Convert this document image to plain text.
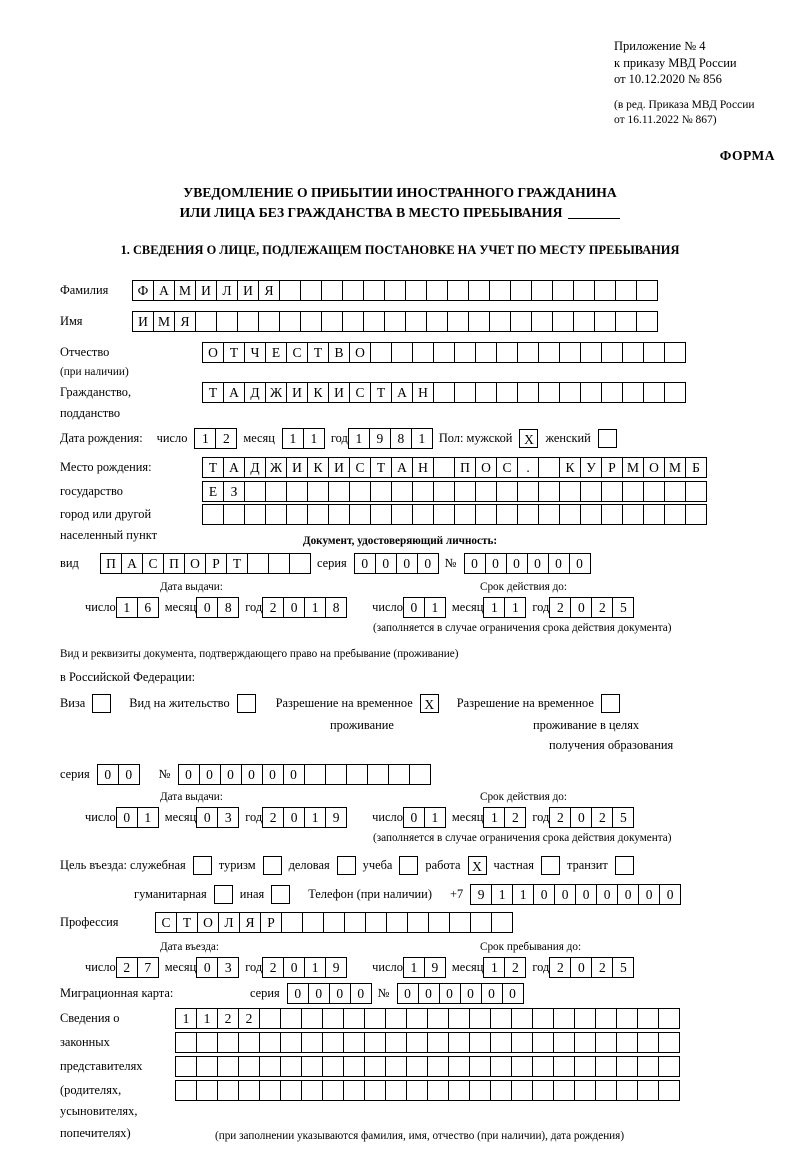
Приложение № 4
к приказу МВД России
от 10.12.2020 № 856
(в ред. Приказа МВД России
от 16.11.2022 № 867)
ФОРМА
УВЕДОМЛЕНИЕ О ПРИБЫТИИ ИНОСТРАННОГО ГРАЖДАНИНА
ИЛИ ЛИЦА БЕЗ ГРАЖДАНСТВА В МЕСТО ПРЕБЫВАНИЯ
1. СВЕДЕНИЯ О ЛИЦЕ, ПОДЛЕЖАЩЕМ ПОСТАНОВКЕ НА УЧЕТ ПО МЕСТУ ПРЕБЫВАНИЯ
Фамилия	Ф А М И Л И Я
Имя	И М Я
Отчество	О Т Ч Е С Т В О
(при наличии)
Гражданство,	Т А Д Ж И К И С Т А Н
подданство
Дата рождения: число	1	2	месяц	1	1	год 1	9	8	1	Пол: мужской X женский
Место рождения:	Т А Д Ж И К И С Т А Н	П О С	.	К У Р М О М Б
государство	Е З
город или другой
населенный пункт	Документ, удостоверяющий личность:
вид	П А С П О Р Т	серия	0	0	0	0	№	0	0	0	0	0	0
Дата выдачи:	Срок действия до:
число 1	6	месяц 0	8	год 2	0	1	8	число 0	1	месяц 1	1	год 2	0	2	5
(заполняется в случае ограничения срока действия документа)
Вид и реквизиты документа, подтверждающего право на пребывание (проживание)
в Российской Федерации:
Виза	Вид на жительство	Разрешение на временное X	Разрешение на временное
проживание	проживание в целях
получения образования
серия	0	0	№	0	0	0	0	0	0
Дата выдачи:	Срок действия до:
число 0	1	месяц 0	3	год 2	0	1	9	число 0	1	месяц 1	2	год 2	0	2	5
(заполняется в случае ограничения срока действия документа)
Цель въезда: служебная	туризм	деловая	учеба	работа X частная	транзит
гуманитарная	иная	Телефон (при наличии) +7	9	1	1	0	0	0	0	0	0	0
Профессия	С Т О Л Я Р
Дата въезда:	Срок пребывания до:
число 2	7	месяц 0	3	год 2	0	1	9	число 1	9	месяц 1	2	год 2	0	2	5
Миграционная карта:	серия	0	0	0	0	№	0	0	0	0	0	0
Сведения о	1	1	2	2
законных
представителях
(родителях,
усыновителях,
попечителях)	(при заполнении указываются фамилия, имя, отчество (при наличии), дата рождения)
